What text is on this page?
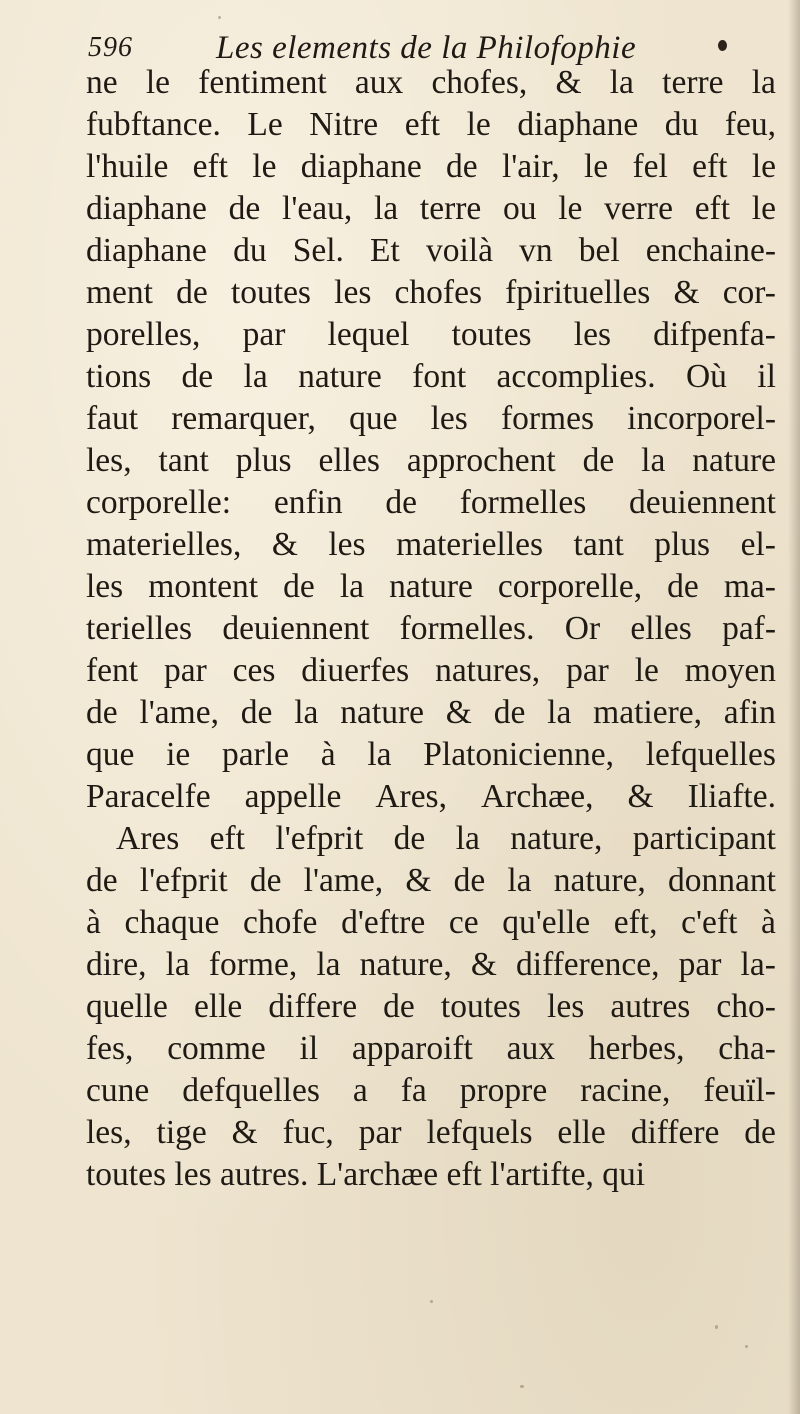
596	Les elements de la Philofophie
ne le fentiment aux chofes, & la terre la
fubftance. Le Nitre eft le diaphane du feu,
l'huile eft le diaphane de l'air, le fel eft le
diaphane de l'eau, la terre ou le verre eft le
diaphane du Sel. Et voilà vn bel enchaine-
ment de toutes les chofes fpirituelles & cor-
porelles, par lequel toutes les difpenfa-
tions de la nature font accomplies. Où il
faut remarquer, que les formes incorporel-
les, tant plus elles approchent de la nature
corporelle: enfin de formelles deuiennent
materielles, & les materielles tant plus el-
les montent de la nature corporelle, de ma-
terielles deuiennent formelles. Or elles paf-
fent par ces diuerfes natures, par le moyen
de l'ame, de la nature & de la matiere, afin
que ie parle à la Platonicienne, lefquelles
Paracelfe appelle Ares, Archæe, & Iliafte.
Ares eft l'efprit de la nature, participant
de l'efprit de l'ame, & de la nature, donnant
à chaque chofe d'eftre ce qu'elle eft, c'eft à
dire, la forme, la nature, & difference, par la-
quelle elle differe de toutes les autres cho-
fes, comme il apparoift aux herbes, cha-
cune defquelles a fa propre racine, feuïl-
les, tige & fuc, par lefquels elle differe de
toutes les autres. L'archæe eft l'artifte, qui
